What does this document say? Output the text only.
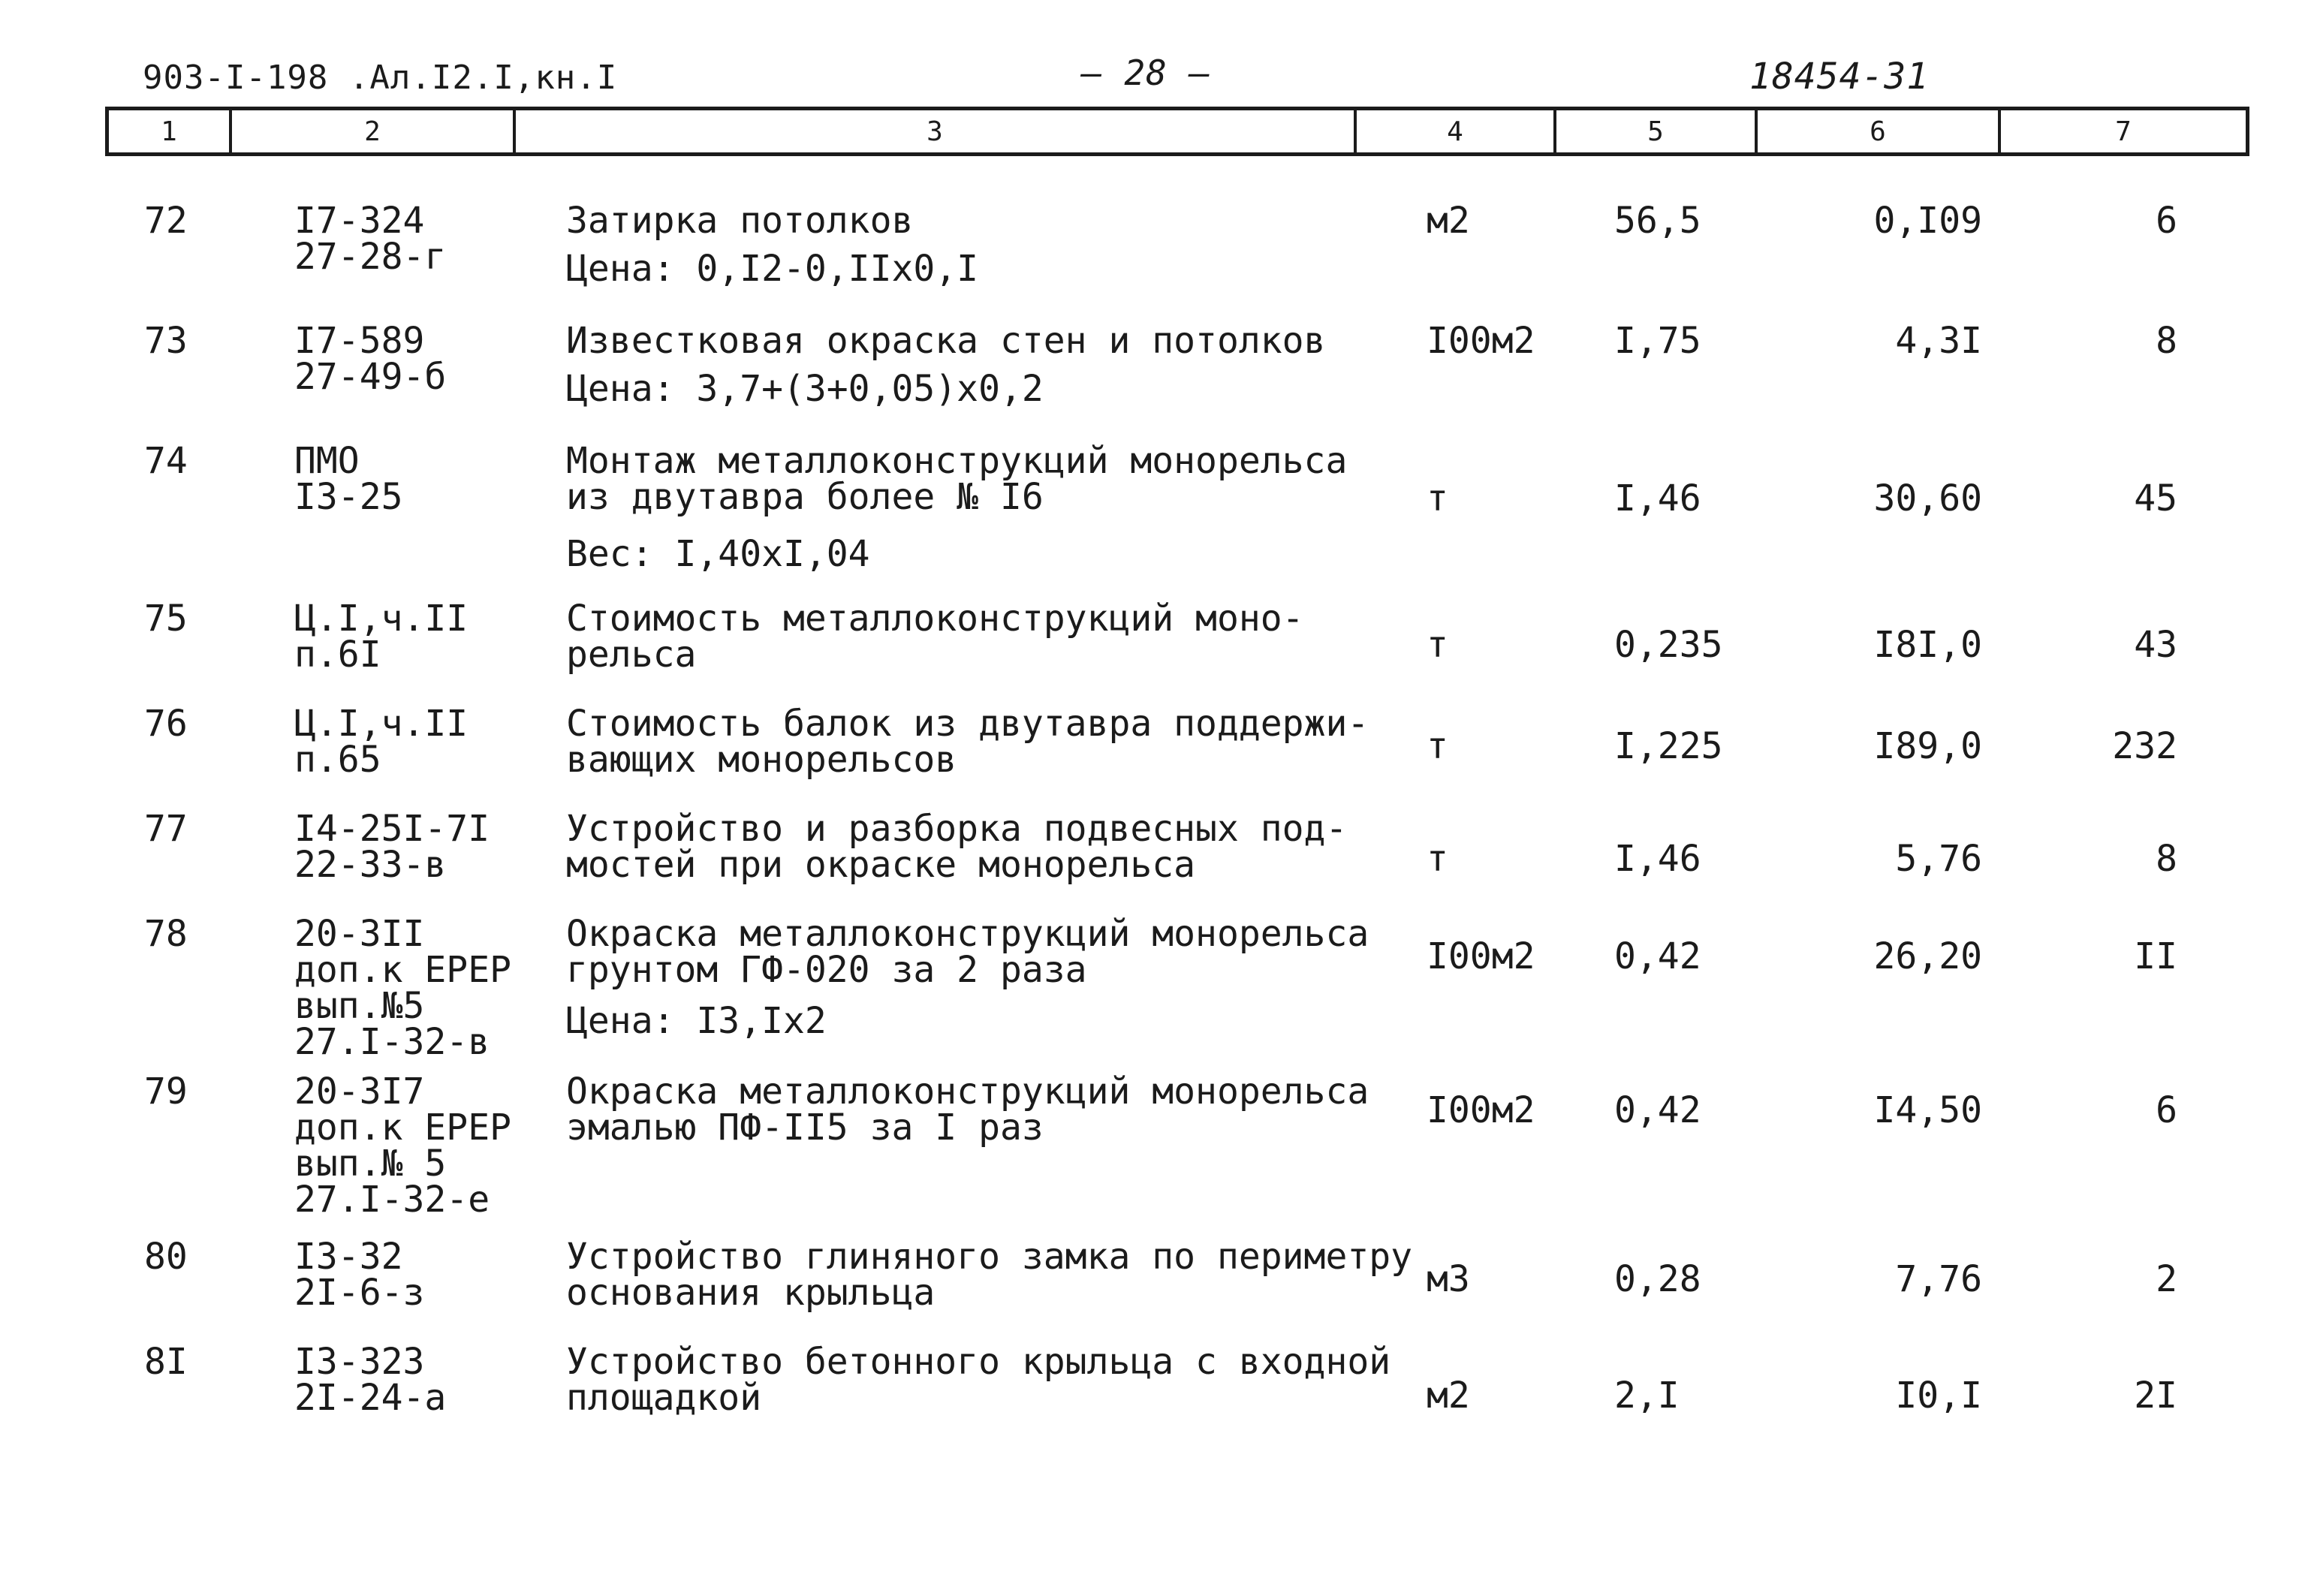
903-I-198 .Ал.I2.I,кн.I	— 28 —	18454-31
1	2	3	4	5	6	7
72	I7-324
27-28-г
Затирка потолков
Цена: 0,I2-0,IIx0,I
м2	56,5	0,I09	6
73	I7-589
27-49-б
Известковая окраска стен и потолков
Цена: 3,7+(3+0,05)x0,2
I00м2 I,75	4,3I	8
74	ПМО
I3-25
Монтаж металлоконструкций монорельса
из двутавра более № I6
Вес: I,40xI,04
т	I,46	30,60	45
75	Ц.I,ч.II
п.6I
Стоимость металлоконструкций моно-
рельса	т	0,235	I8I,0	43
76	Ц.I,ч.II
п.65
Стоимость балок из двутавра поддержи-
вающих монорельсов	т	I,225	I89,0	232
77	I4-25I-7I
22-33-в
Устройство и разборка подвесных под-
мостей при окраске монорельса	т	I,46	5,76	8
78	20-3II
доп.к ЕРЕР
вып.№5
27.I-32-в
Окраска металлоконструкций монорельса
грунтом ГФ-020 за 2 раза
Цена: I3,Ix2
I00м2 0,42	26,20	II
79	20-3I7
доп.к ЕРЕР
вып.№ 5
27.I-32-е
Окраска металлоконструкций монорельса
эмалью ПФ-II5 за I раз	I00м2 0,42	I4,50	6
80	I3-32
2I-6-з
Устройство глиняного замка по периметру
основания крыльца	м3	0,28	7,76	2
8I	I3-323
2I-24-а
Устройство бетонного крыльца с входной
площадкой	м2	2,I	I0,I	2I
